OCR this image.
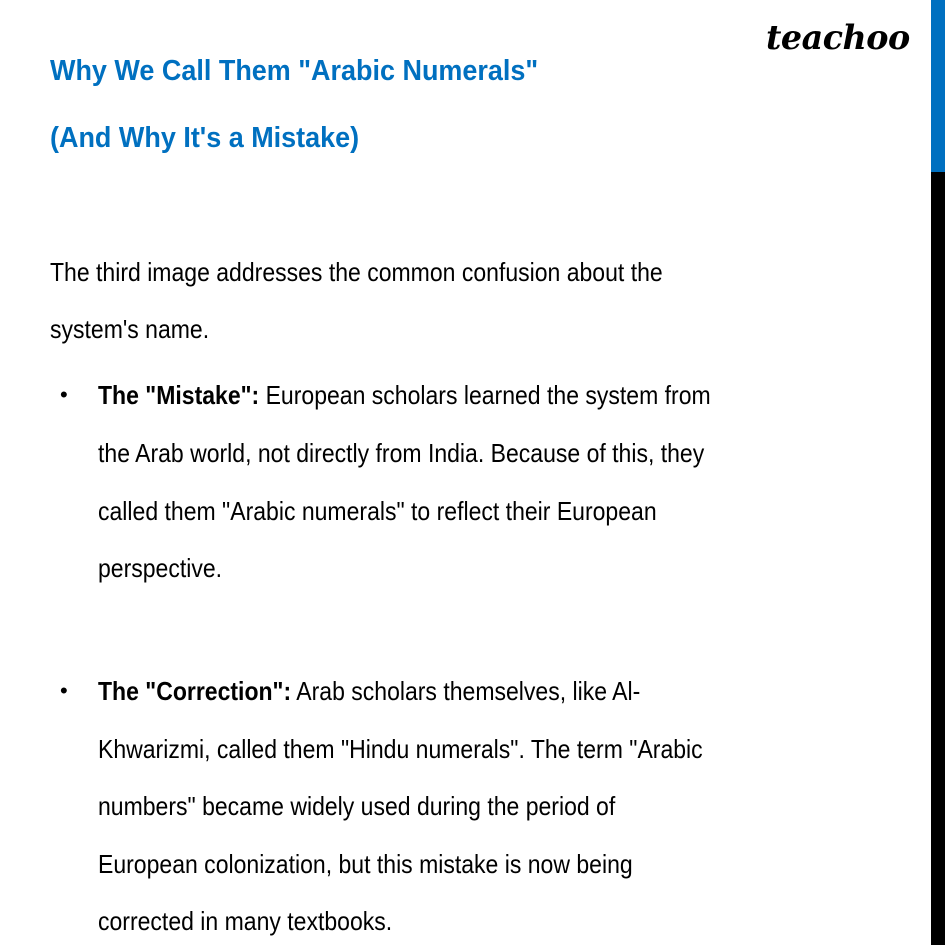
teachoo
Why We Call Them "Arabic Numerals"
(And Why It's a Mistake)
The third image addresses the common confusion about the
system's name.
• The "Mistake": European scholars learned the system from
the Arab world, not directly from India. Because of this, they
called them "Arabic numerals" to reflect their European
perspective.
• The "Correction": Arab scholars themselves, like Al-
Khwarizmi, called them "Hindu numerals". The term "Arabic
numbers" became widely used during the period of
European colonization, but this mistake is now being
corrected in many textbooks.
